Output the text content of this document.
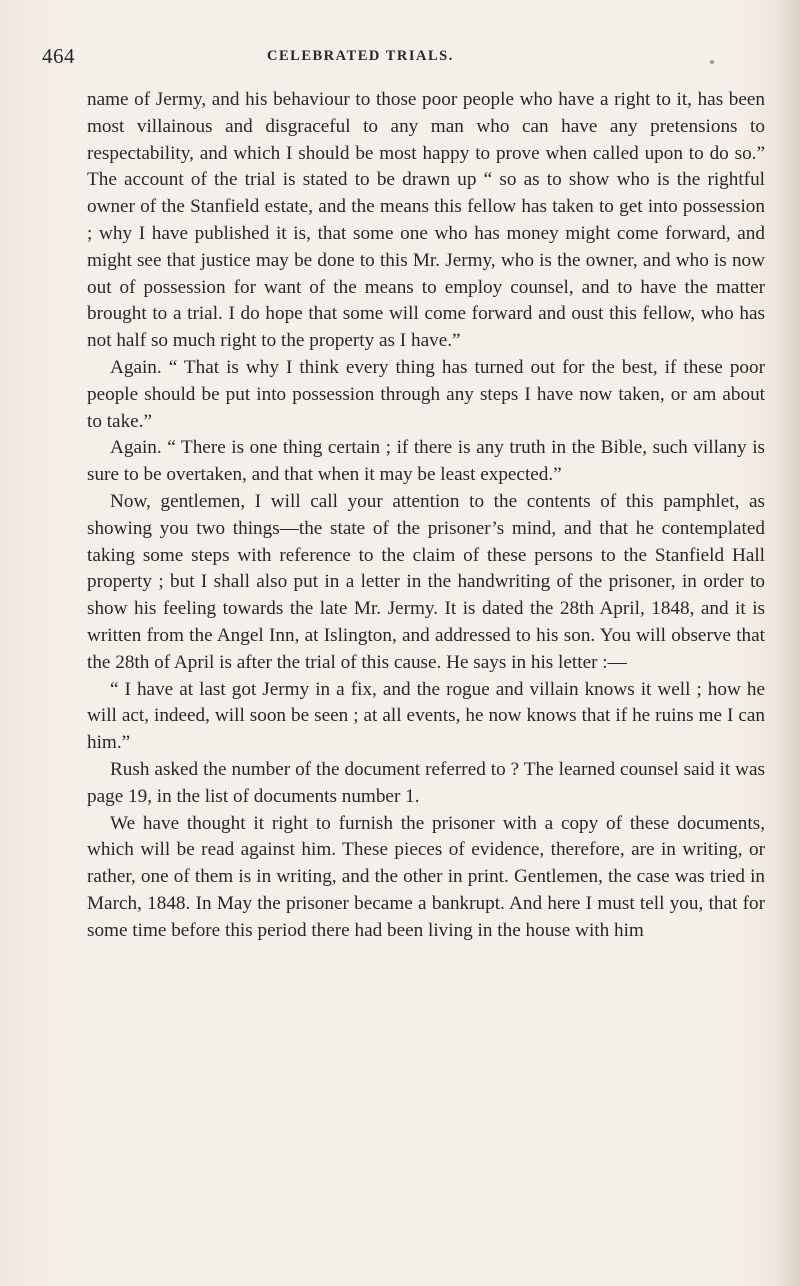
464	CELEBRATED TRIALS.

name of Jermy, and his behaviour to those poor people who have a right to it, has been most villainous and disgraceful to any man who can have any pretensions to respectability, and which I should be most happy to prove when called upon to do so.” The account of the trial is stated to be drawn up “ so as to show who is the rightful owner of the Stanfield estate, and the means this fellow has taken to get into possession ; why I have published it is, that some one who has money might come forward, and might see that justice may be done to this Mr. Jermy, who is the owner, and who is now out of possession for want of the means to employ counsel, and to have the matter brought to a trial. I do hope that some will come forward and oust this fellow, who has not half so much right to the property as I have.”

Again. “ That is why I think every thing has turned out for the best, if these poor people should be put into possession through any steps I have now taken, or am about to take.”

Again. “ There is one thing certain ; if there is any truth in the Bible, such villany is sure to be overtaken, and that when it may be least expected.”

Now, gentlemen, I will call your attention to the contents of this pamphlet, as showing you two things—the state of the prisoner’s mind, and that he contemplated taking some steps with reference to the claim of these persons to the Stanfield Hall property ; but I shall also put in a letter in the handwriting of the prisoner, in order to show his feeling towards the late Mr. Jermy. It is dated the 28th April, 1848, and it is written from the Angel Inn, at Islington, and addressed to his son. You will observe that the 28th of April is after the trial of this cause. He says in his letter :—

“ I have at last got Jermy in a fix, and the rogue and villain knows it well ; how he will act, indeed, will soon be seen ; at all events, he now knows that if he ruins me I can him.”

Rush asked the number of the document referred to ? The learned counsel said it was page 19, in the list of documents number 1.

We have thought it right to furnish the prisoner with a copy of these documents, which will be read against him. These pieces of evidence, therefore, are in writing, or rather, one of them is in writing, and the other in print. Gentlemen, the case was tried in March, 1848. In May the prisoner became a bankrupt. And here I must tell you, that for some time before this period there had been living in the house with him
